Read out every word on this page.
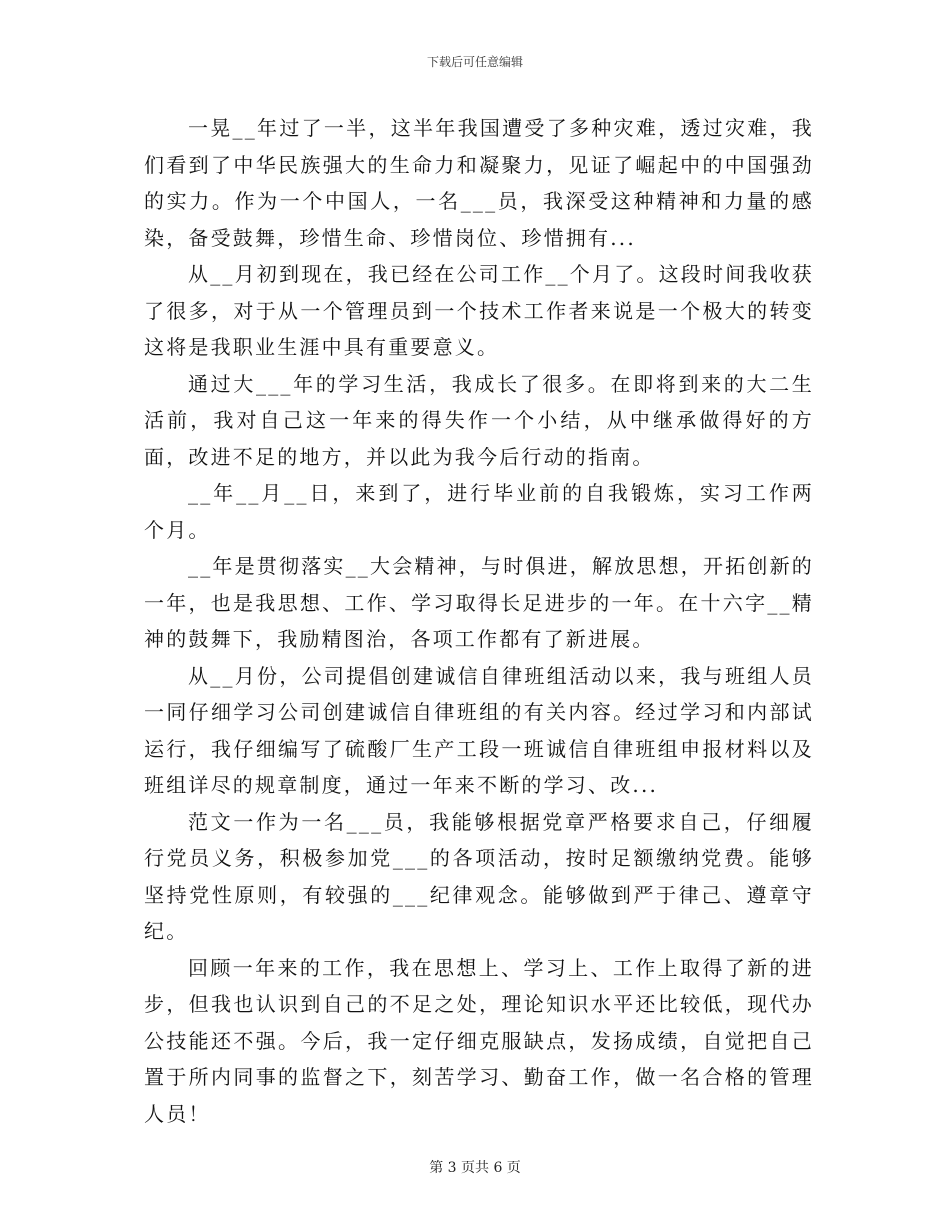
下载后可任意编辑

一晃__年过了一半，这半年我国遭受了多种灾难，透过灾难，我们看到了中华民族强大的生命力和凝聚力，见证了崛起中的中国强劲的实力。作为一个中国人，一名___员，我深受这种精神和力量的感染，备受鼓舞，珍惜生命、珍惜岗位、珍惜拥有...

从__月初到现在，我已经在公司工作__个月了。这段时间我收获了很多，对于从一个管理员到一个技术工作者来说是一个极大的转变这将是我职业生涯中具有重要意义。

通过大___年的学习生活，我成长了很多。在即将到来的大二生活前，我对自己这一年来的得失作一个小结，从中继承做得好的方面，改进不足的地方，并以此为我今后行动的指南。

__年__月__日，来到了，进行毕业前的自我锻炼，实习工作两个月。

__年是贯彻落实__大会精神，与时俱进，解放思想，开拓创新的一年，也是我思想、工作、学习取得长足进步的一年。在十六字__精神的鼓舞下，我励精图治，各项工作都有了新进展。

从__月份，公司提倡创建诚信自律班组活动以来，我与班组人员一同仔细学习公司创建诚信自律班组的有关内容。经过学习和内部试运行，我仔细编写了硫酸厂生产工段一班诚信自律班组申报材料以及班组详尽的规章制度，通过一年来不断的学习、改...

范文一作为一名___员，我能够根据党章严格要求自己，仔细履行党员义务，积极参加党___的各项活动，按时足额缴纳党费。能够坚持党性原则，有较强的___纪律观念。能够做到严于律己、遵章守纪。

回顾一年来的工作，我在思想上、学习上、工作上取得了新的进步，但我也认识到自己的不足之处，理论知识水平还比较低，现代办公技能还不强。今后，我一定仔细克服缺点，发扬成绩，自觉把自己置于所内同事的监督之下，刻苦学习、勤奋工作，做一名合格的管理人员！

第 3 页共 6 页
